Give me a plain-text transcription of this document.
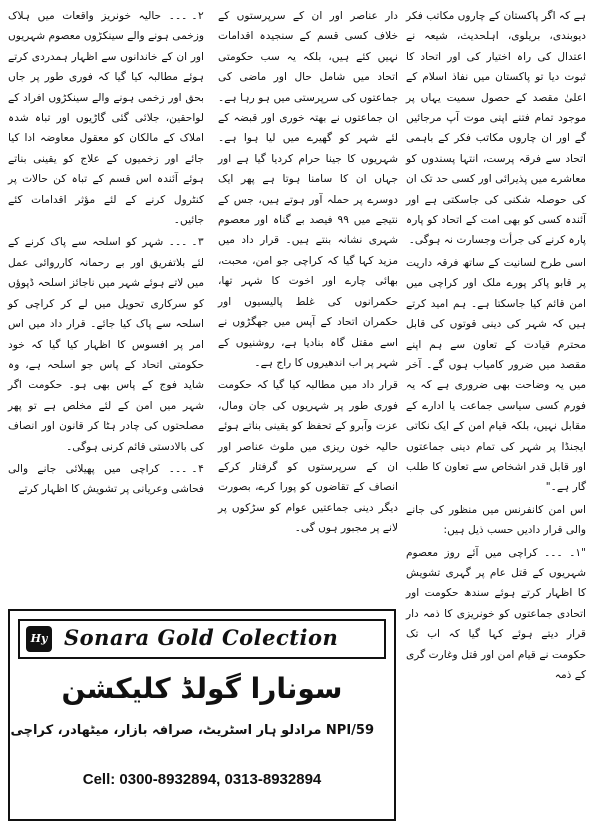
ہے کہ اگر پاکستان کے چاروں مکاتب فکر دیوبندی، بریلوی، اہلحدیث، شیعہ نے اعتدال کی راہ اختیار کی اور اتحاد کا ثبوت دیا تو پاکستان میں نفاذ اسلام کے اعلیٰ مقصد کے حصول سمیت یہاں پر موجود تمام فتنے اپنی موت آپ مرجائیں گے اور ان چاروں مکاتب فکر کے باہمی اتحاد سے فرقہ پرست، انتہا پسندوں کو معاشرے میں پذیرائی اور کسی حد تک ان کی حوصلہ شکنی کی جاسکتی ہے اور آئندہ کسی کو بھی امت کے اتحاد کو پارہ پارہ کرنے کی جرأت وجسارت نہ ہوگی۔

اسی طرح لسانیت کے ساتھ فرقہ داریت پر قابو پاکر پورے ملک اور کراچی میں امن قائم کیا جاسکتا ہے۔ ہم امید کرتے ہیں کہ شہر کی دینی قوتوں کی قابل محترم قیادت کے تعاون سے ہم اپنے مقصد میں ضرور کامیاب ہوں گے۔ آخر میں یہ وضاحت بھی ضروری ہے کہ یہ فورم کسی سیاسی جماعت یا ادارے کے مقابل نہیں، بلکہ قیام امن کے ایک نکاتی ایجنڈا پر شہر کی تمام دینی جماعتوں اور قابل قدر اشخاص سے تعاون کا طلب گار ہے۔"

اس امن کانفرنس میں منظور کی جانے والی قرار دادیں حسب ذیل ہیں:

"۱۔ ۔۔۔ کراچی میں آئے روز معصوم شہریوں کے قتل عام پر گہری تشویش کا اظہار کرتے ہوئے سندھ حکومت اور اتحادی جماعتوں کو خونریزی کا ذمہ دار قرار دیتے ہوئے کہا گیا کہ اب تک حکومت نے قیام امن اور قتل وغارت گری کے ذمہ

دار عناصر اور ان کے سرپرستوں کے خلاف کسی قسم کے سنجیدہ اقدامات نہیں کئے ہیں، بلکہ یہ سب حکومتی اتحاد میں شامل حال اور ماضی کی جماعتوں کی سرپرستی میں ہو رہا ہے۔ ان جماعتوں نے بھتہ خوری اور قبضہ کے لئے شہر کو گھیرے میں لیا ہوا ہے۔ شہریوں کا جینا حرام کردیا گیا ہے اور جہاں ان کا سامنا ہوتا ہے پھر ایک دوسرے پر حملہ آور ہوتے ہیں، جس کے نتیجے میں ۹۹ فیصد بے گناہ اور معصوم شہری نشانہ بنتے ہیں۔ قرار داد میں مزید کہا گیا کہ کراچی جو امن، محبت، بھائی چارے اور اخوت کا شہر تھا، حکمرانوں کی غلط پالیسیوں اور حکمران اتحاد کے آپس میں جھگڑوں نے اسے مقتل گاہ بنادیا ہے، روشنیوں کے شہر پر اب اندھیروں کا راج ہے۔

قرار داد میں مطالبہ کیا گیا کہ حکومت فوری طور پر شہریوں کی جان ومال، عزت وآبرو کے تحفظ کو یقینی بناتے ہوئے حالیہ خون ریزی میں ملوث عناصر اور ان کے سرپرستوں کو گرفتار کرکے انصاف کے تقاضوں کو پورا کرے، بصورت دیگر دینی جماعتیں عوام کو سڑکوں پر لانے پر مجبور ہوں گی۔

۲۔۔۔۔ حالیہ خونریز واقعات میں ہلاک وزخمی ہونے والے سینکڑوں معصوم شہریوں اور ان کے خاندانوں سے اظہار ہمدردی کرتے ہوئے مطالبہ کیا گیا کہ فوری طور پر جاں بحق اور زخمی ہونے والے سینکڑوں افراد کے لواحقین، جلائی گئی گاڑیوں اور تباہ شدہ املاک کے مالکان کو معقول معاوضہ ادا کیا جائے اور زخمیوں کے علاج کو یقینی بناتے ہوئے آئندہ اس قسم کے تباہ کن حالات پر کنٹرول کرنے کے لئے مؤثر اقدامات کئے جائیں۔

۳۔۔۔۔ شہر کو اسلحہ سے پاک کرنے کے لئے بلاتفریق اور بے رحمانہ کارروائی عمل میں لاتے ہوئے شہر میں ناجائز اسلحہ ڈپوؤں کو سرکاری تحویل میں لے کر کراچی کو اسلحہ سے پاک کیا جائے۔ قرار داد میں اس امر پر افسوس کا اظہار کیا گیا کہ خود حکومتی اتحاد کے پاس جو اسلحہ ہے، وہ شاید فوج کے پاس بھی ہو۔ حکومت اگر شہر میں امن کے لئے مخلص ہے تو پھر مصلحتوں کی چادر ہٹا کر قانون اور انصاف کی بالادستی قائم کرنی ہوگی۔

۴۔۔۔۔ کراچی میں پھیلائی جانے والی فحاشی وعریانی پر تشویش کا اظہار کرتے

Hy Sonara Gold Colection
سونارا گولڈ کلیکشن
NPI/59 مرادلو ہار اسٹریٹ، صرافہ بازار، میٹھادر، کراچی
Cell: 0300-8932894, 0313-8932894
